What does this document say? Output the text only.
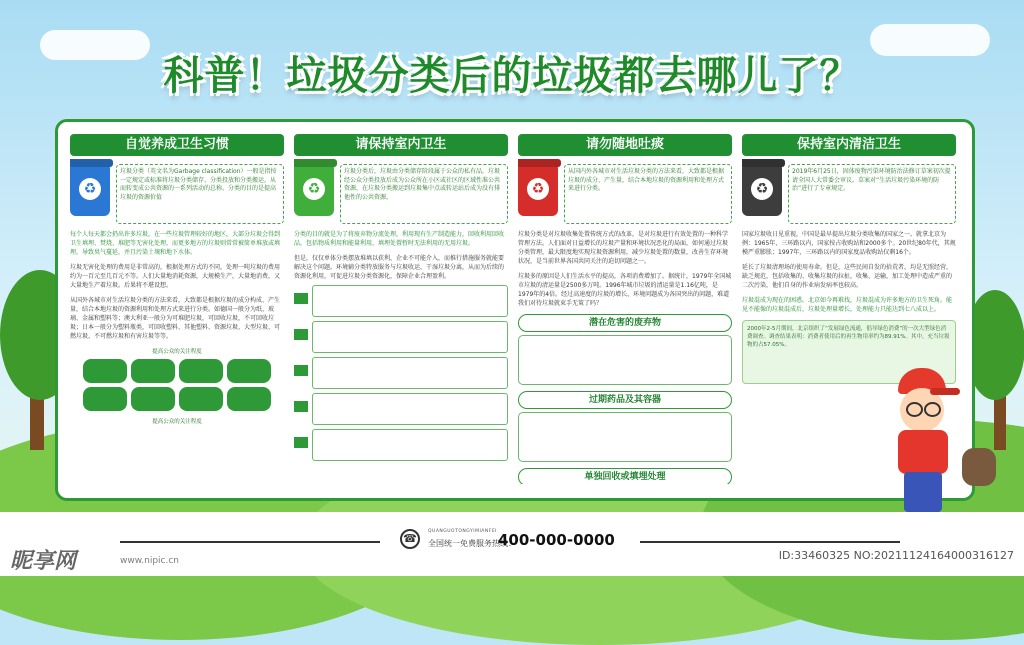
科普！垃圾分类后的垃圾都去哪儿了？
自觉养成卫生习惯
♻
垃圾分类（英文名为Garbage classification）一般是指按一定规定或标准将垃圾分类储存、分类投放和分类搬运，从而转变成公共资源的一系列活动的总称。分类的目的是提高垃圾的资源价值
每个人每天都会扔出许多垃圾，在一些垃圾管理较好的地区，大部分垃圾会得到卫生填埋、焚烧、堆肥等无害化处理，而更多地方的垃圾则常常被简单堆放或填埋，导致臭气蔓延，并且污染土壤和地下水体。
垃圾无害化处理的费用是非常高的，根据处理方式的不同，处理一吨垃圾的费用约为一百元至几百元不等。人们大量地消耗资源，大规模生产，大量地消费，又大量地生产着垃圾。后果将不堪设想。
从国外各城市对生活垃圾分类的方法来看，大致都是根据垃圾的成分构成、产生量，结合本地垃圾的资源利用和处理方式来进行分类。如德国一般分为纸、玻璃、金属和塑料等；澳大利亚一般分为可堆肥垃圾，可回收垃圾，不可回收垃圾；日本一般分为塑料瓶类，可回收塑料、其他塑料、资源垃圾、大型垃圾、可燃垃圾、不可燃垃圾和有害垃圾等等。
提高公众的关注程度
提高公众的关注程度
请保持室内卫生
♻
垃圾分类后，垃圾由分类储存阶段属于公众的私有品，垃圾经公众分类投放后成为公众所在小区或社区的区域性准公共资源，在垃圾分类搬运到垃圾集中点或转运站后成为没有排他性的公共资源。
分类的目的就是为了将废弃物分流处理，利用现有生产制造能力，回收利用回收品，包括物质利用和能量利用，填埋处置暂时无法利用的无用垃圾。
但是，仅仅单体分类摆放堆填以获利，企业不可能介入，而推行措施服务就能要解决这个问题。环境辅分类特放服务与垃圾收运，干湿垃圾分离，从而为后续的资源化利用，可促进垃圾分类资源化，保障企业合理盈利。
请勿随地吐痰
♻
从国内外各城市对生活垃圾分类的方法来看，大致都是根据垃圾的成分、产生量，结合本地垃圾的资源利用和处理方式来进行分类。
垃圾分类是对垃圾收集处置传统方式的改革，是对垃圾进行有效处置的一种科学管理方法。人们面对日益增长的垃圾产量和环境状况恶化的局面，如何通过垃圾分类管理，最大限度地实现垃圾资源利用，减少垃圾处置的数量，改善生存环境状况，是当前世界各国共同关注的迫切问题之一。
垃圾多的原因是人们生活水平的提高，各项消费增加了。据统计，1979年全国城市垃圾的清运量是2500多万吨。1996年城市垃圾的清运量是1.16亿吨，是1979年的4倍。经过高速度的垃圾的增长，环境问题成为各国突出的问题，难道我们对待垃圾就束手无策了吗？
潜在危害的废弃物
过期药品及其容器
单独回收或填埋处理
保持室内清洁卫生
♻
2019年6月25日，固体废物污染环境防治法修订草案初次提请全国人大常委会审议。草案对“生活垃圾污染环境的防治”进行了专章规定。
国家垃圾收日见重视，中国是最早提出垃圾分类收集的国家之一。就拿北京为例：1965年，三环路以内，国家按占收购站和2000多个。20世纪80年代，其规模严重膨胀；1997年，三环路以内的国家度品收购站仅剩16个。
延长了垃圾清理场的使用寿命。但是，这些民间自发的拾荒者，均是无照经营，缺乏规范，包括收集的、收集垃圾的拉扯，收集、运输，加工处理中造成严重的二次污染，他们自身的作业病发病率也较高。
垃圾混成为现在的困惑。北京如今再难找，垃圾混成为许多地方的卫生死角。能见不能像的垃圾混成后，垃圾处理量增长，处理能力只能达到七八成以上。
2000年2-5月期间，北京组织了“发展绿色流通，倡导绿色消费”的一次大型绿色消费调查。调查结果表明：消费者使用后的再生物用率约为89.91%。其中，充当垃圾物的占57.05%。
☎
QUANGUOTONGYIMIANFEI
全国统一免费服务热线：
400-000-0000
昵享网	www.nipic.cn	ID:33460325 NO:20211124164000316127
